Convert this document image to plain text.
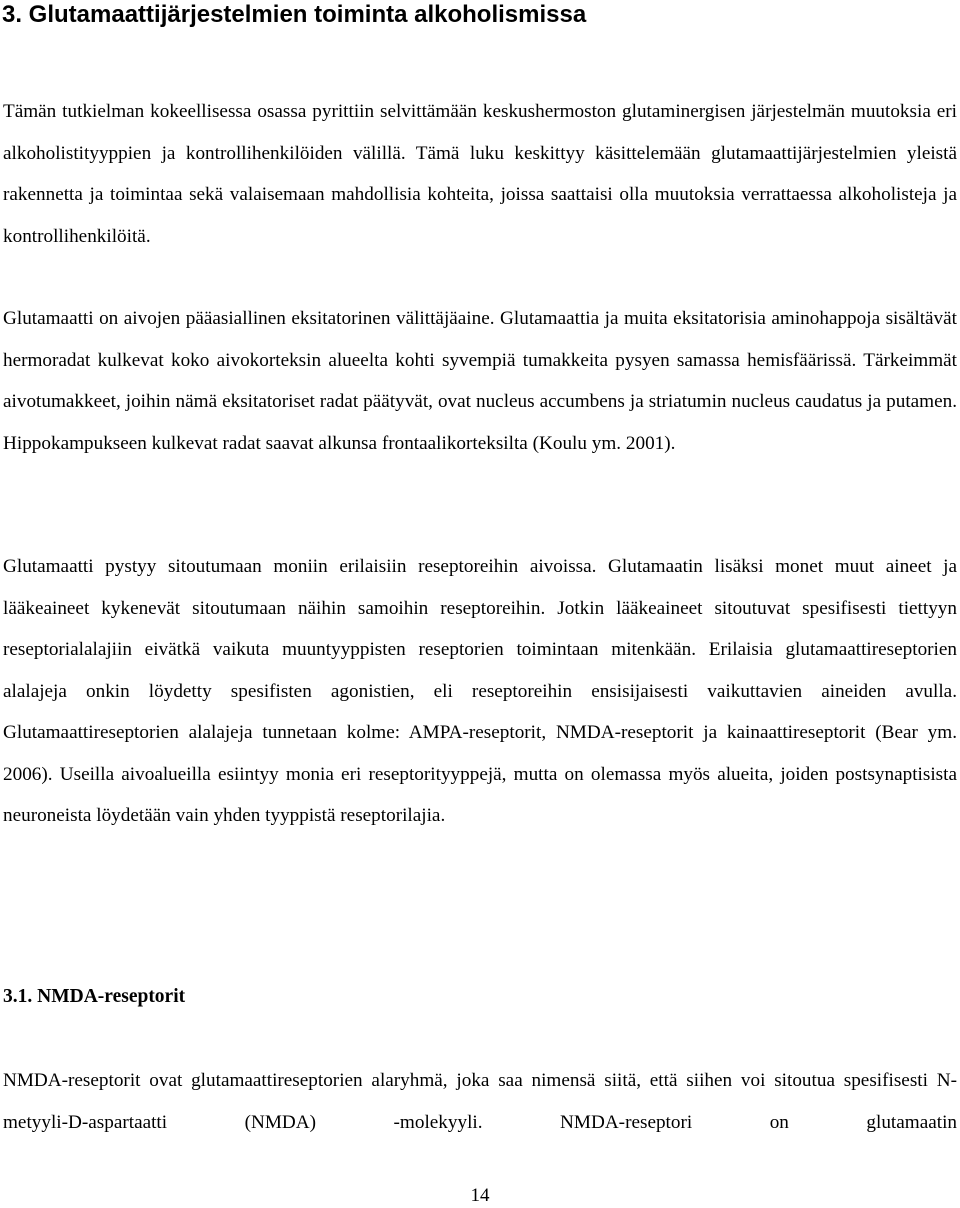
3. Glutamaattijärjestelmien toiminta alkoholismissa

Tämän tutkielman kokeellisessa osassa pyrittiin selvittämään keskushermoston glutaminergisen järjestelmän muutoksia eri alkoholistityyppien ja kontrollihenkilöiden välillä. Tämä luku keskittyy käsittelemään glutamaattijärjestelmien yleistä rakennetta ja toimintaa sekä valaisemaan mahdollisia kohteita, joissa saattaisi olla muutoksia verrattaessa alkoholisteja ja kontrollihenkilöitä.

Glutamaatti on aivojen pääasiallinen eksitatorinen välittäjäaine. Glutamaattia ja muita eksitatorisia aminohappoja sisältävät hermoradat kulkevat koko aivokorteksin alueelta kohti syvempiä tumakkeita pysyen samassa hemisfäärissä. Tärkeimmät aivotumakkeet, joihin nämä eksitatoriset radat päätyvät, ovat nucleus accumbens ja striatumin nucleus caudatus ja putamen. Hippokampukseen kulkevat radat saavat alkunsa frontaalikorteksilta (Koulu ym. 2001).

Glutamaatti pystyy sitoutumaan moniin erilaisiin reseptoreihin aivoissa. Glutamaatin lisäksi monet muut aineet ja lääkeaineet kykenevät sitoutumaan näihin samoihin reseptoreihin. Jotkin lääkeaineet sitoutuvat spesifisesti tiettyyn reseptorialalajiin eivätkä vaikuta muuntyyppisten reseptorien toimintaan mitenkään. Erilaisia glutamaattireseptorien alalajeja onkin löydetty spesifisten agonistien, eli reseptoreihin ensisijaisesti vaikuttavien aineiden avulla. Glutamaattireseptorien alalajeja tunnetaan kolme: AMPA-reseptorit, NMDA-reseptorit ja kainaattireseptorit (Bear ym. 2006). Useilla aivoalueilla esiintyy monia eri reseptorityyppejä, mutta on olemassa myös alueita, joiden postsynaptisista neuroneista löydetään vain yhden tyyppistä reseptorilajia.

3.1. NMDA-reseptorit

NMDA-reseptorit ovat glutamaattireseptorien alaryhmä, joka saa nimensä siitä, että siihen voi sitoutua spesifisesti N-metyyli-D-aspartaatti (NMDA) -molekyyli. NMDA-reseptori on glutamaatin

14
